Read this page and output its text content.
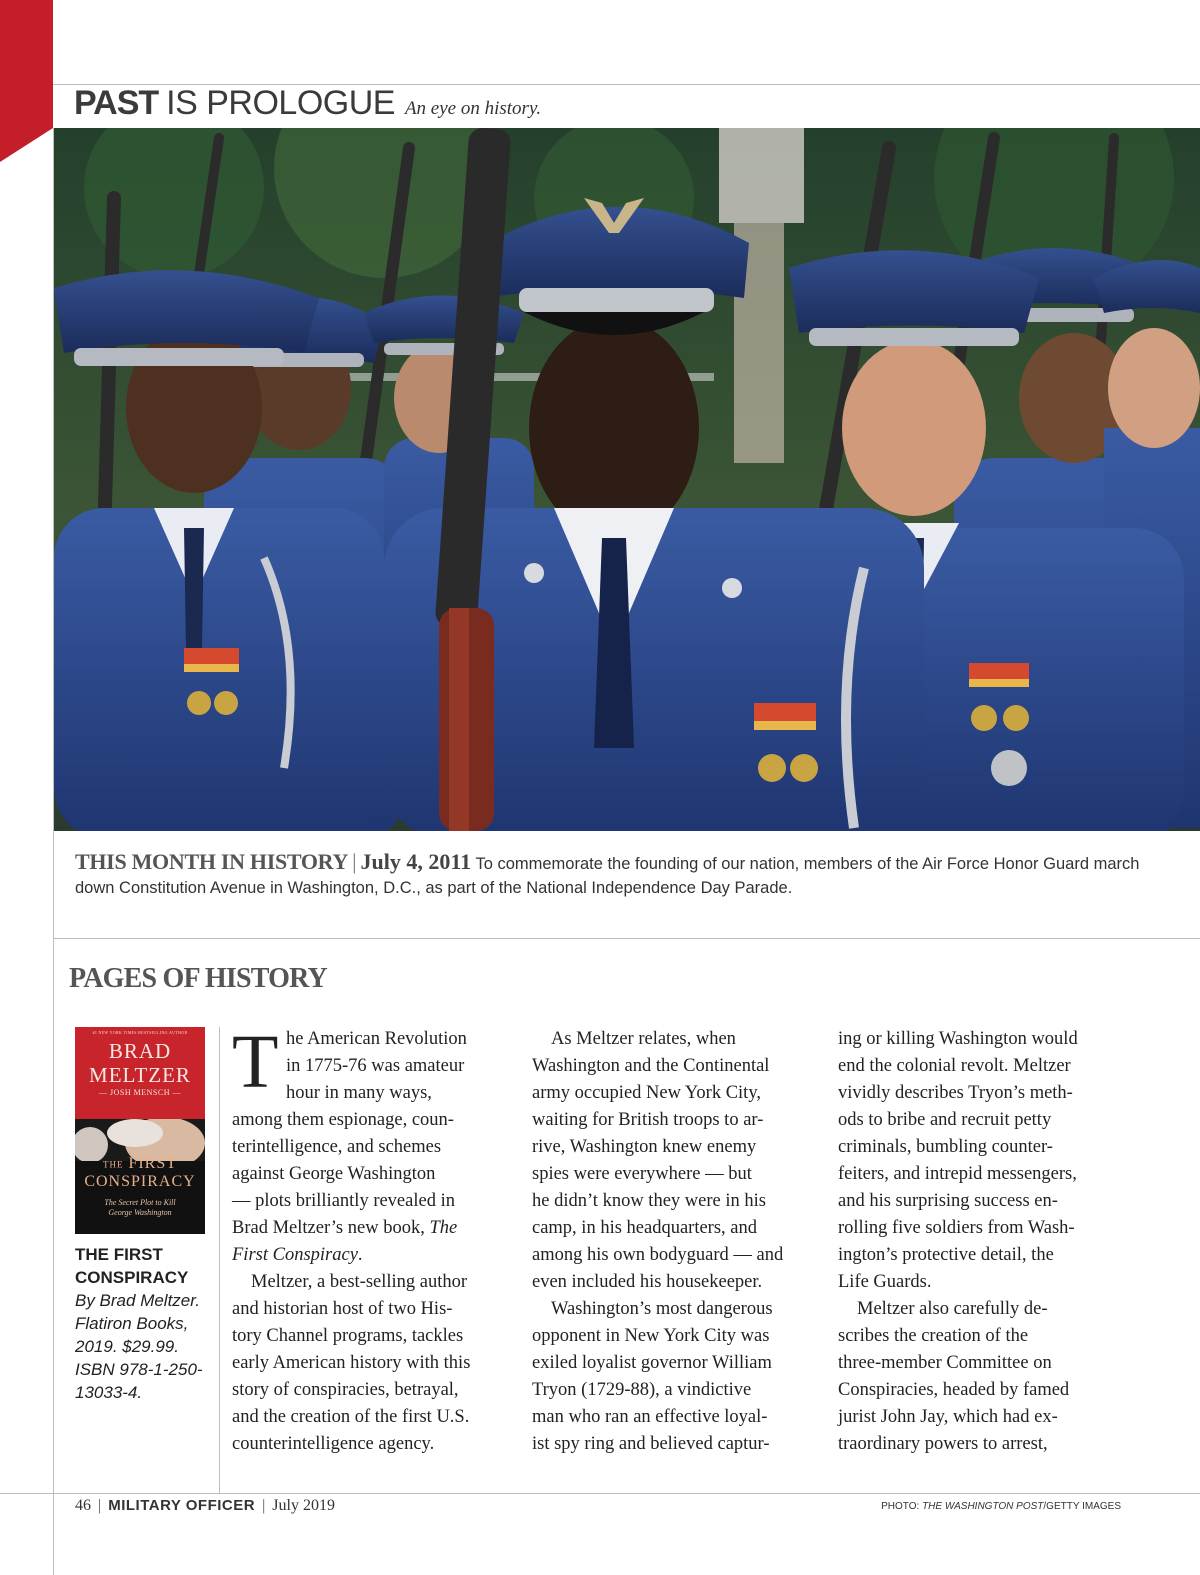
PAST IS PROLOGUE An eye on history.
THIS MONTH IN HISTORY | July 4, 2011 To commemorate the founding of our nation, members of the Air Force Honor Guard march down Constitution Avenue in Washington, D.C., as part of the National Independence Day Parade.
PAGES OF HISTORY
#1 NEW YORK TIMES BESTSELLING AUTHOR
BRAD
MELTZER
— JOSH MENSCH —
THE FIRST
CONSPIRACY
The Secret Plot to Kill
George Washington
THE FIRST
CONSPIRACY
By Brad Meltzer.
Flatiron Books,
2019. $29.99.
ISBN 978-1-250-
13033-4.
T he American Revolution
in 1775-76 was amateur
hour in many ways,
among them espionage, coun-
terintelligence, and schemes
against George Washington
— plots brilliantly revealed in
Brad Meltzer’s new book, The
First Conspiracy.
Meltzer, a best-selling author
and historian host of two His-
tory Channel programs, tackles
early American history with this
story of conspiracies, betrayal,
and the creation of the first U.S.
counterintelligence agency.
As Meltzer relates, when
Washington and the Continental
army occupied New York City,
waiting for British troops to ar-
rive, Washington knew enemy
spies were everywhere — but
he didn’t know they were in his
camp, in his headquarters, and
among his own bodyguard — and
even included his housekeeper.
Washington’s most dangerous
opponent in New York City was
exiled loyalist governor William
Tryon (1729-88), a vindictive
man who ran an effective loyal-
ist spy ring and believed captur-
ing or killing Washington would
end the colonial revolt. Meltzer
vividly describes Tryon’s meth-
ods to bribe and recruit petty
criminals, bumbling counter-
feiters, and intrepid messengers,
and his surprising success en-
rolling five soldiers from Wash-
ington’s protective detail, the
Life Guards.
Meltzer also carefully de-
scribes the creation of the
three-member Committee on
Conspiracies, headed by famed
jurist John Jay, which had ex-
traordinary powers to arrest,
46 | MILITARY OFFICER | July 2019	PHOTO: THE WASHINGTON POST/GETTY IMAGES
